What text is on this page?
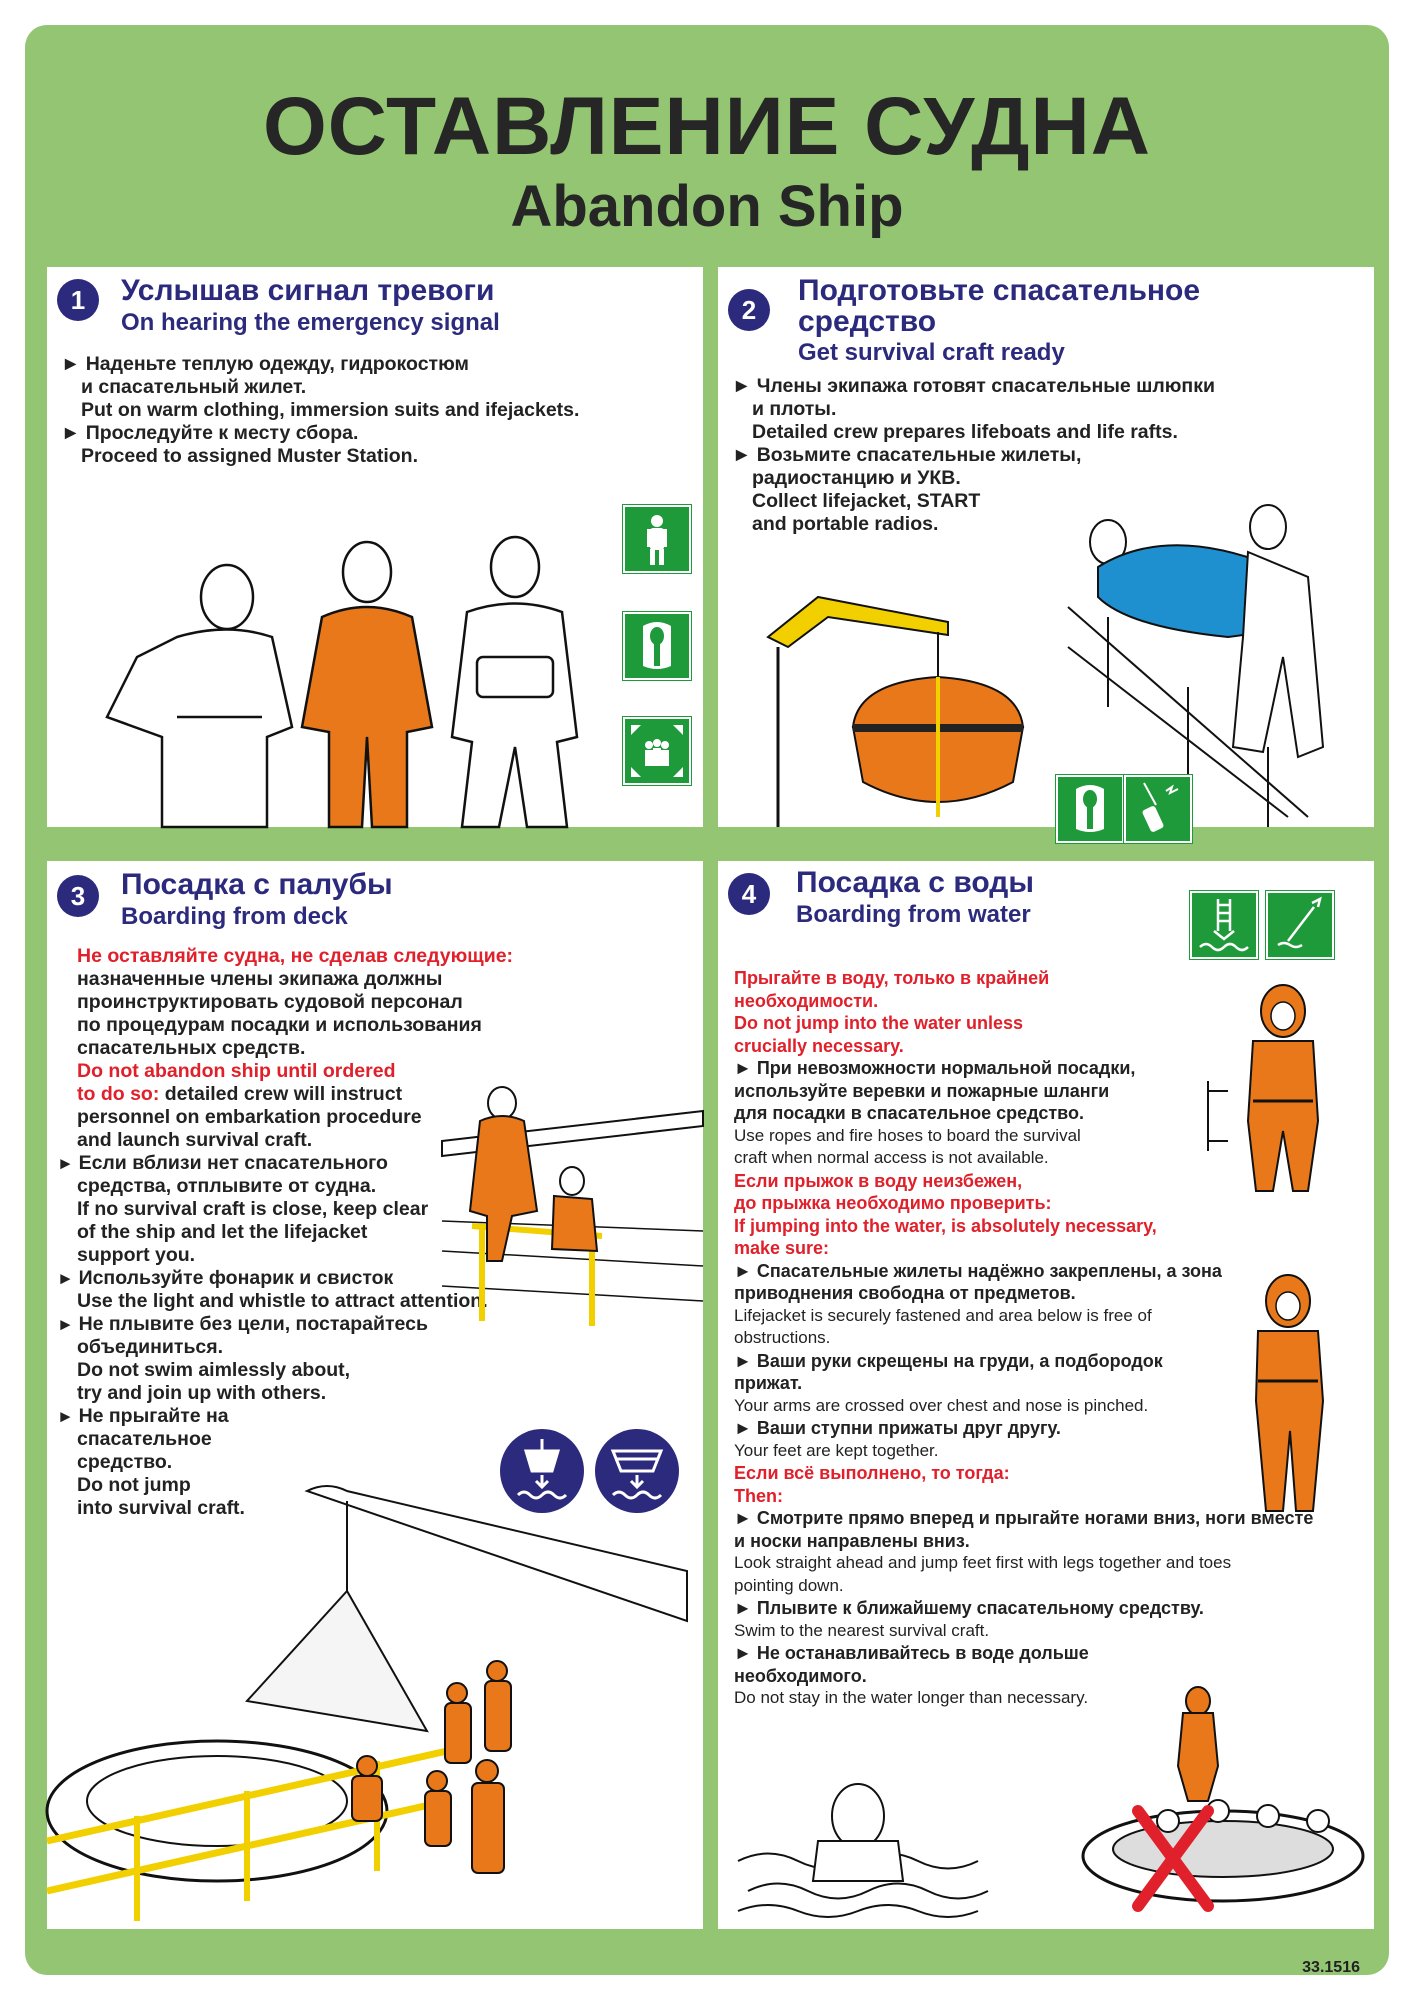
ОСТАВЛЕНИЕ СУДНА
Abandon Ship
1	Услышав сигнал тревоги
On hearing the emergency signal

► Наденьте теплую одежду, гидрокостюм

и спасательный жилет.

Put on warm clothing, immersion suits and ifejackets.

► Проследуйте к месту сбора.

Proceed to assigned Muster Station.

2
Подготовьте спасательное средство
Get survival craft ready

► Члены экипажа готовят спасательные шлюпки

и плоты.

Detailed crew prepares lifeboats and life rafts.

► Возьмите спасательные жилеты,

радиостанцию и УКВ.

Collect lifejacket, START

and portable radios.

3	Посадка с палубы
Boarding from deck

Не оставляйте судна, не сделав следующие:

назначенные члены экипажа должны

проинструктировать судовой персонал

по процедурам посадки и использования

спасательных средств.

Do not abandon ship until ordered

to do so: detailed crew will instruct

personnel on embarkation procedure

and launch survival craft.

► Если вблизи нет спасательного

средства, отплывите от судна.

If no survival craft is close, keep clear

of the ship and let the lifejacket

support you.

► Используйте фонарик и свисток

Use the light and whistle to attract attention.

► Не плывите без цели, постарайтесь

объединиться.

Do not swim aimlessly about,

try and join up with others.

► Не прыгайте на

спасательное

средство.

Do not jump

into survival craft.

4	Посадка с воды
Boarding from water

Прыгайте в воду, только в крайней

необходимости.

Do not jump into the water unless

crucially necessary.

► При невозможности нормальной посадки,

используйте веревки и пожарные шланги

для посадки в спасательное средство.

Use ropes and fire hoses to board the survival

craft when normal access is not available.

Если прыжок в воду неизбежен,

до прыжка необходимо проверить:

If jumping into the water, is absolutely necessary,

make sure:

► Спасательные жилеты надёжно закреплены, а зона

приводнения свободна от предметов.

Lifejacket is securely fastened and area below is free of

obstructions.

► Ваши руки скрещены на груди, а подбородок

прижат.

Your arms are crossed over chest and nose is pinched.

► Ваши ступни прижаты друг другу.

Your feet are kept together.

Если всё выполнено, то тогда:

Then:

► Смотрите прямо вперед и прыгайте ногами вниз, ноги вместе

и носки направлены вниз.

Look straight ahead and jump feet first with legs together and toes

pointing down.

► Плывите к ближайшему спасательному средству.

Swim to the nearest survival craft.

► Не останавливайтесь в воде дольше

необходимого.

Do not stay in the water longer than necessary.

33.1516
